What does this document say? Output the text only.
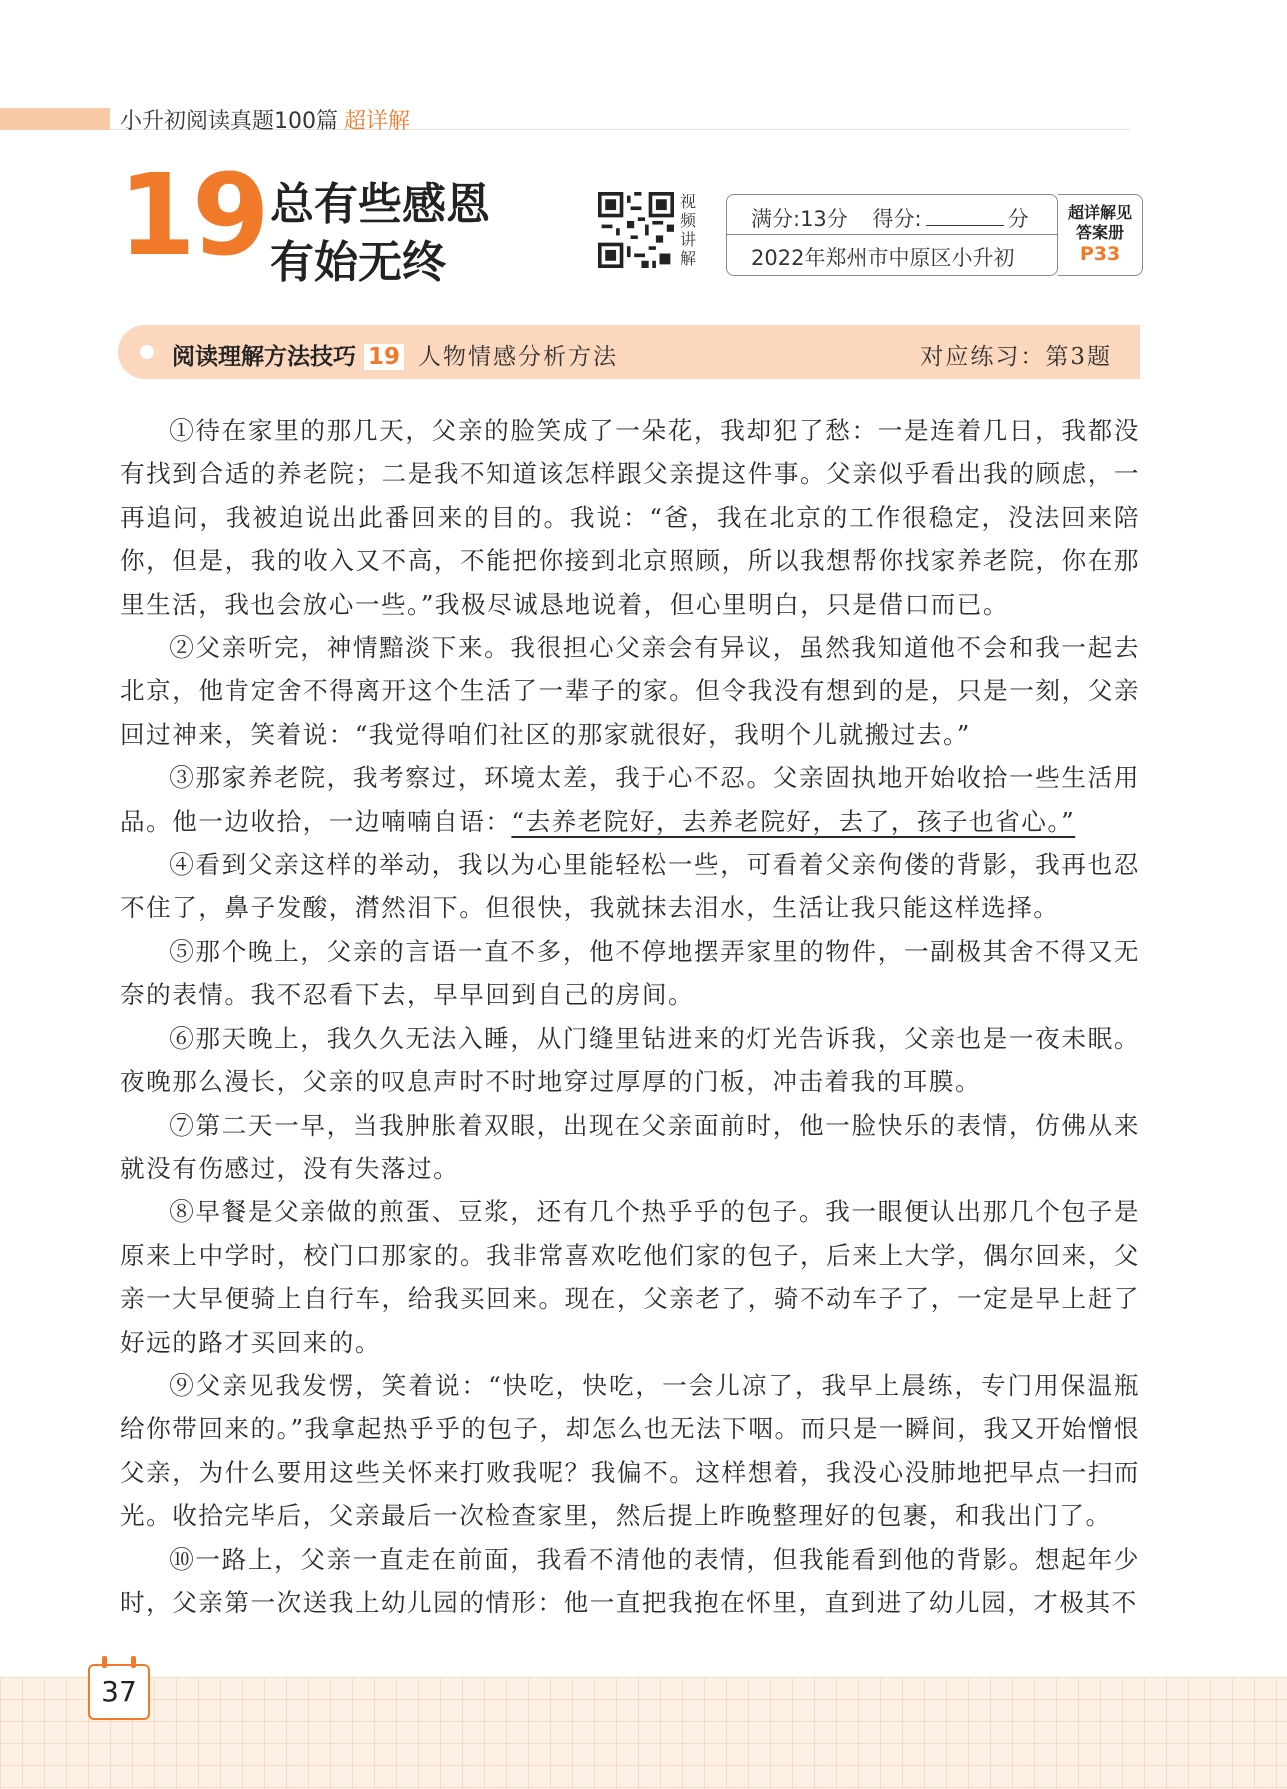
小升初阅读真题100篇 超详解
19 总有些感恩
有始无终
视
频
讲
解
满分:13分 得分:	分
2022年郑州市中原区小升初
超详解见
答案册
P33
阅读理解方法技巧 19 人物情感分析方法	对应练习：第3题

①待在家里的那几天，父亲的脸笑成了一朵花，我却犯了愁：一是连着几日，我都没有找到合适的养老院；二是我不知道该怎样跟父亲提这件事。父亲似乎看出我的顾虑，一再追问，我被迫说出此番回来的目的。我说：“爸，我在北京的工作很稳定，没法回来陪你，但是，我的收入又不高，不能把你接到北京照顾，所以我想帮你找家养老院，你在那里生活，我也会放心一些。”我极尽诚恳地说着，但心里明白，只是借口而已。

②父亲听完，神情黯淡下来。我很担心父亲会有异议，虽然我知道他不会和我一起去北京，他肯定舍不得离开这个生活了一辈子的家。但令我没有想到的是，只是一刻，父亲回过神来，笑着说：“我觉得咱们社区的那家就很好，我明个儿就搬过去。”

③那家养老院，我考察过，环境太差，我于心不忍。父亲固执地开始收拾一些生活用品。他一边收拾，一边喃喃自语：“去养老院好，去养老院好，去了，孩子也省心。”

④看到父亲这样的举动，我以为心里能轻松一些，可看着父亲佝偻的背影，我再也忍不住了，鼻子发酸，潸然泪下。但很快，我就抹去泪水，生活让我只能这样选择。

⑤那个晚上，父亲的言语一直不多，他不停地摆弄家里的物件，一副极其舍不得又无奈的表情。我不忍看下去，早早回到自己的房间。

⑥那天晚上，我久久无法入睡，从门缝里钻进来的灯光告诉我，父亲也是一夜未眠。夜晚那么漫长，父亲的叹息声时不时地穿过厚厚的门板，冲击着我的耳膜。

⑦第二天一早，当我肿胀着双眼，出现在父亲面前时，他一脸快乐的表情，仿佛从来就没有伤感过，没有失落过。

⑧早餐是父亲做的煎蛋、豆浆，还有几个热乎乎的包子。我一眼便认出那几个包子是原来上中学时，校门口那家的。我非常喜欢吃他们家的包子，后来上大学，偶尔回来，父亲一大早便骑上自行车，给我买回来。现在，父亲老了，骑不动车子了，一定是早上赶了好远的路才买回来的。

⑨父亲见我发愣，笑着说：“快吃，快吃，一会儿凉了，我早上晨练，专门用保温瓶给你带回来的。”我拿起热乎乎的包子，却怎么也无法下咽。而只是一瞬间，我又开始憎恨父亲，为什么要用这些关怀来打败我呢？我偏不。这样想着，我没心没肺地把早点一扫而光。收拾完毕后，父亲最后一次检查家里，然后提上昨晚整理好的包裹，和我出门了。

⑩一路上，父亲一直走在前面，我看不清他的表情，但我能看到他的背影。想起年少时，父亲第一次送我上幼儿园的情形：他一直把我抱在怀里，直到进了幼儿园，才极其不

37
